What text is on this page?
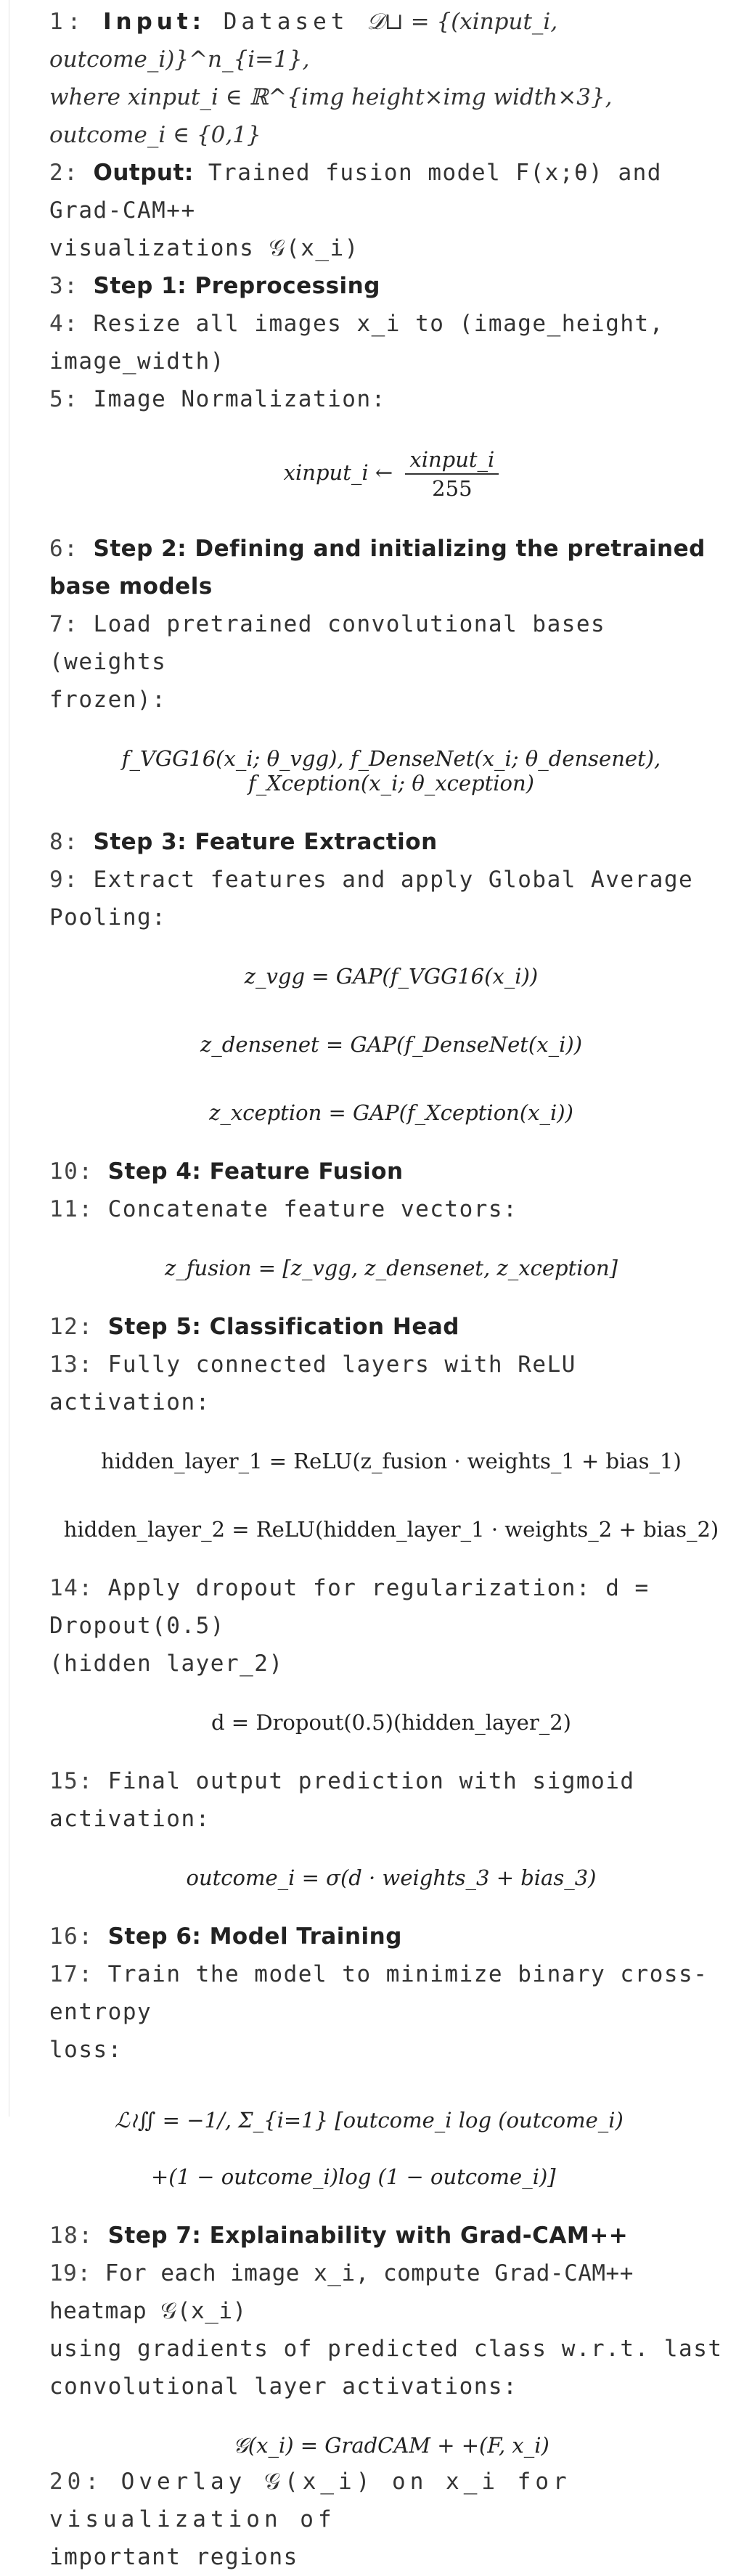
1: Input: Dataset 𝒟⊔ = {(xinput_i, outcome_i)}^n_{i=1},
where xinput_i ∈ ℝ^{img height×img width×3}, outcome_i ∈ {0,1}
2: Output: Trained fusion model F(x;θ) and Grad-CAM++
visualizations 𝒢(x_i)
3: Step 1: Preprocessing
4: Resize all images x_i to (image_height, image_width)
5: Image Normalization:
xinput_i ← $\frac{\text{xinput\_i}}{255}$
6: Step 2: Defining and initializing the pretrained
base models
7: Load pretrained convolutional bases (weights
frozen):
f_VGG16(x_i; θ_vgg), f_DenseNet(x_i; θ_densenet), f_Xception(x_i; θ_xception)
8: Step 3: Feature Extraction
9: Extract features and apply Global Average Pooling:
z_vgg = GAP(f_VGG16(x_i))
z_densenet = GAP(f_DenseNet(x_i))
z_xception = GAP(f_Xception(x_i))
10: Step 4: Feature Fusion
11: Concatenate feature vectors:
z_fusion = [z_vgg, z_densenet, z_xception]
12: Step 5: Classification Head
13: Fully connected layers with ReLU activation:
hidden_layer_1 = ReLU(z_fusion · weights_1 + bias_1)
hidden_layer_2 = ReLU(hidden_layer_1 · weights_2 + bias_2)
14: Apply dropout for regularization: d = Dropout(0.5)
(hidden layer_2)
d = Dropout(0.5)(hidden_layer_2)
15: Final output prediction with sigmoid activation:
outcome_i = σ(d · weights_3 + bias_3)
16: Step 6: Model Training
17: Train the model to minimize binary cross-entropy
loss:
ℒ≀∬ = −1/, Σ_{i=1} [outcome_i log (outcome_i)
+(1 − outcome_i)log (1 − outcome_i)]
18: Step 7: Explainability with Grad-CAM++
19: For each image x_i, compute Grad-CAM++ heatmap 𝒢(x_i)
using gradients of predicted class w.r.t. last
convolutional layer activations:
𝒢(x_i) = GradCAM + +(F, x_i)
20: Overlay 𝒢(x_i) on x_i for visualization of
important regions
